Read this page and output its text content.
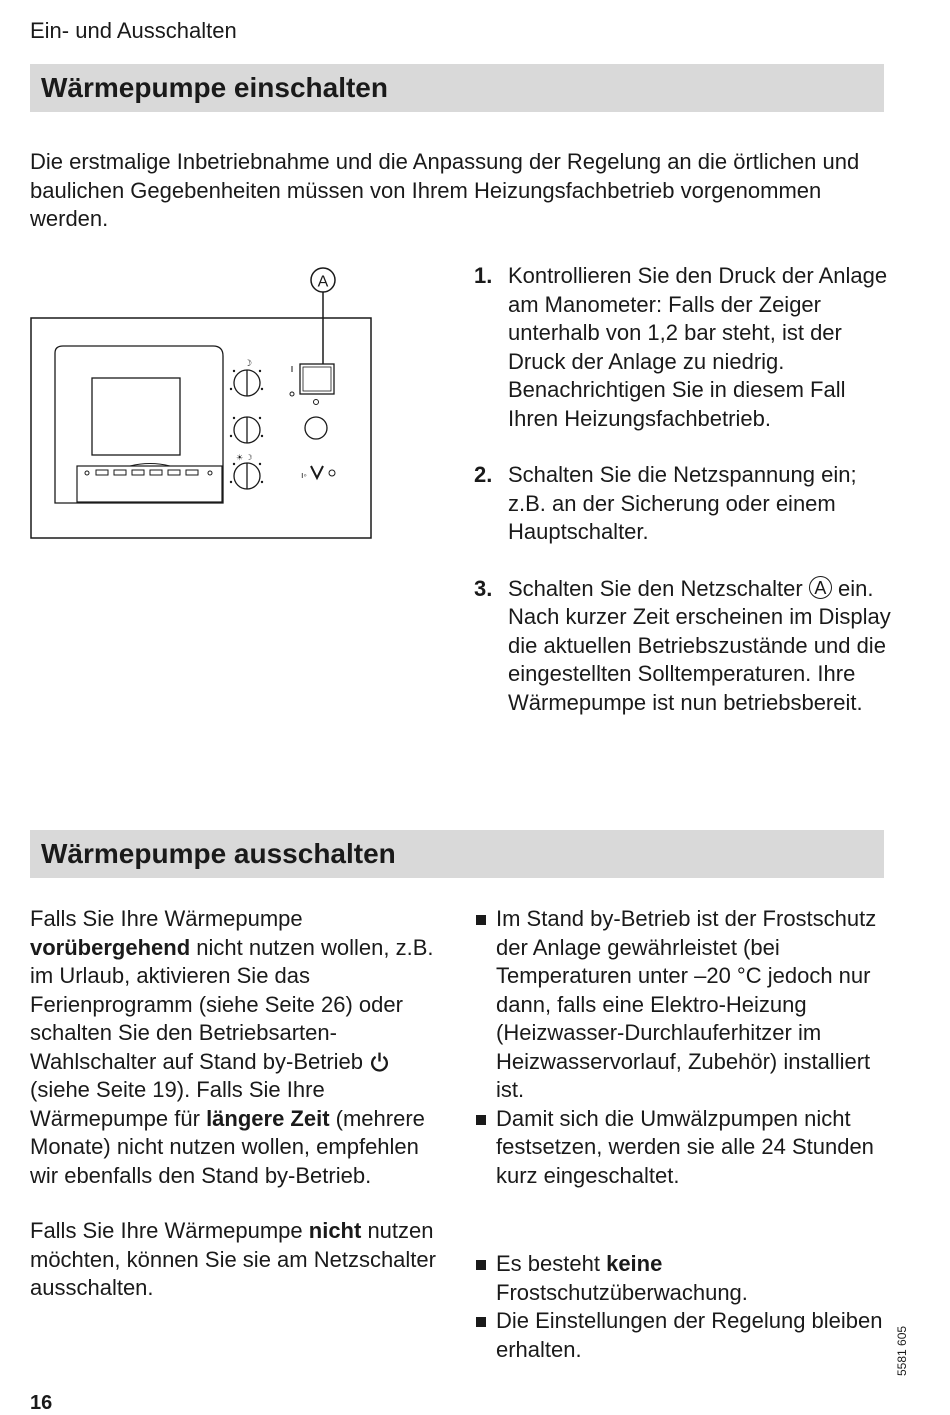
Ein- und Ausschalten
Wärmepumpe einschalten
Die erstmalige Inbetriebnahme und die Anpassung der Regelung an die örtlichen und baulichen Gegebenheiten müssen von Ihrem Heizungsfachbetrieb vorgenommen werden.
A
☽
☀ ☽
ı◦
1. Kontrollieren Sie den Druck der Anlage am Manometer: Falls der Zeiger unterhalb von 1,2 bar steht, ist der Druck der Anlage zu niedrig. Benachrichtigen Sie in diesem Fall Ihren Heizungsfachbetrieb.
2. Schalten Sie die Netzspannung ein; z.B. an der Sicherung oder einem Hauptschalter.
3. Schalten Sie den Netzschalter A ein.
Nach kurzer Zeit erscheinen im Display die aktuellen Betriebszustände und die eingestellten Solltemperaturen. Ihre Wärmepumpe ist nun betriebsbereit.
Wärmepumpe ausschalten

Falls Sie Ihre Wärmepumpe vorübergehend nicht nutzen wollen, z.B. im Urlaub, aktivieren Sie das Ferienprogramm (siehe Seite 26) oder schalten Sie den Betriebsarten-Wahlschalter auf Stand by-Betrieb  (siehe Seite 19). Falls Sie Ihre Wärmepumpe für längere Zeit (mehrere Monate) nicht nutzen wollen, empfehlen wir ebenfalls den Stand by-Betrieb.

Falls Sie Ihre Wärmepumpe nicht nutzen möchten, können Sie sie am Netzschalter ausschalten.

Im Stand by-Betrieb ist der Frostschutz der Anlage gewährleistet (bei Temperaturen unter –20 °C jedoch nur dann, falls eine Elektro-Heizung (Heizwasser-Durchlauferhitzer im Heizwasservorlauf, Zubehör) installiert ist.
Damit sich die Umwälzpumpen nicht festsetzen, werden sie alle 24 Stunden kurz eingeschaltet.
Es besteht keine Frostschutzüberwachung.
Die Einstellungen der Regelung bleiben erhalten.
16
5581 605
